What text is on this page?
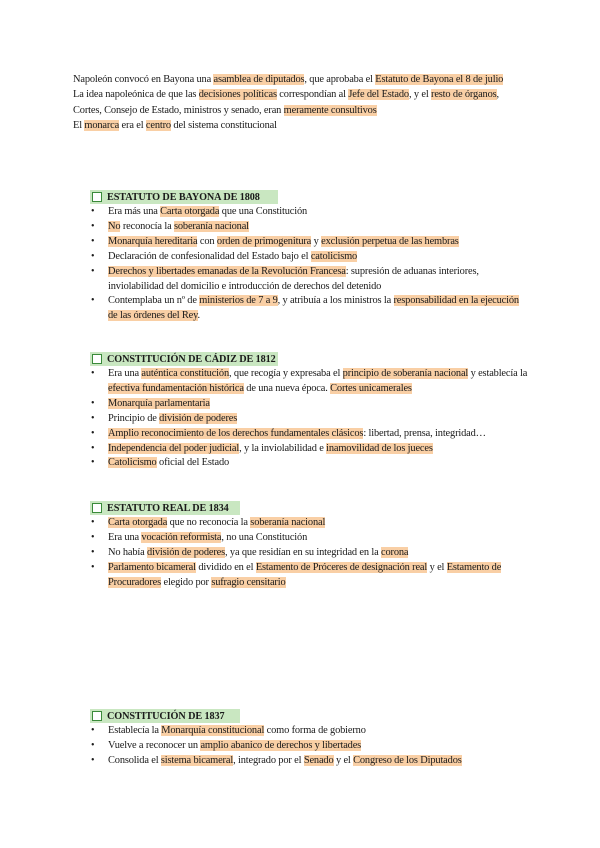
Napoleón convocó en Bayona una asamblea de diputados, que aprobaba el Estatuto de Bayona el 8 de julio

La idea napoleónica de que las decisiones políticas correspondían al Jefe del Estado, y el resto de órganos, Cortes, Consejo de Estado, ministros y senado, eran meramente consultivos

El monarca era el centro del sistema constitucional

ESTATUTO DE BAYONA DE 1808
• Era más una Carta otorgada que una Constitución
• No reconocía la soberanía nacional
• Monarquía hereditaria con orden de primogenitura y exclusión perpetua de las hembras
• Declaración de confesionalidad del Estado bajo el catolicismo
• Derechos y libertades emanadas de la Revolución Francesa: supresión de aduanas interiores, inviolabilidad del domicilio e introducción de derechos del detenido
• Contemplaba un nº de ministerios de 7 a 9, y atribuía a los ministros la responsabilidad en la ejecución de las órdenes del Rey.
CONSTITUCIÓN DE CÁDIZ DE 1812
• Era una auténtica constitución, que recogía y expresaba el principio de soberanía nacional y establecía la efectiva fundamentación histórica de una nueva época. Cortes unicamerales
• Monarquía parlamentaria
• Principio de división de poderes
• Amplio reconocimiento de los derechos fundamentales clásicos: libertad, prensa, integridad…
• Independencia del poder judicial, y la inviolabilidad e inamovilidad de los jueces
• Catolicismo oficial del Estado
ESTATUTO REAL DE 1834
• Carta otorgada que no reconocía la soberanía nacional
• Era una vocación reformista, no una Constitución
• No había división de poderes, ya que residían en su integridad en la corona
• Parlamento bicameral dividido en el Estamento de Próceres de designación real y el Estamento de Procuradores elegido por sufragio censitario
CONSTITUCIÓN DE 1837
• Establecía la Monarquía constitucional como forma de gobierno
• Vuelve a reconocer un amplio abanico de derechos y libertades
• Consolida el sistema bicameral, integrado por el Senado y el Congreso de los Diputados
